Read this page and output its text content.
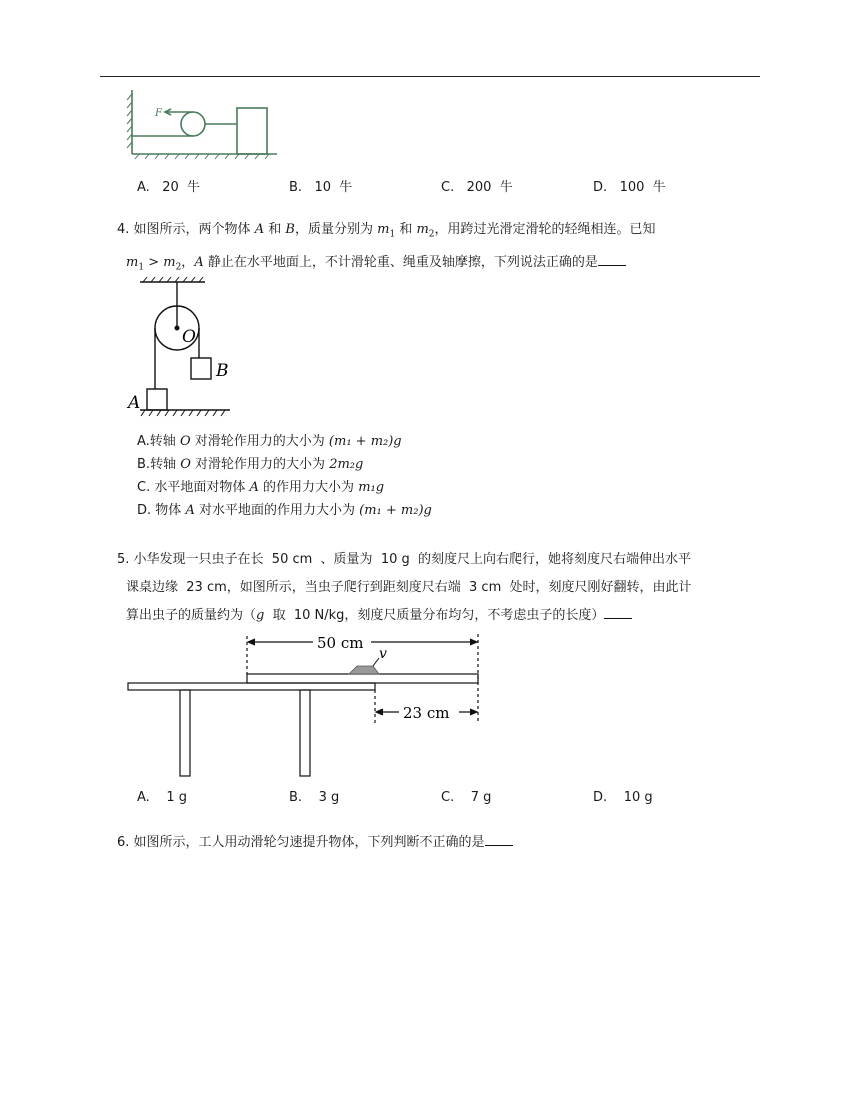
F
A. 20  牛	B. 10  牛	C. 200  牛	D. 100  牛
4. 如图所示，两个物体 A 和 B，质量分别为 $m_1$ 和 $m_2$，用跨过光滑定滑轮的轻绳相连。已知
$m_1 > m_2$，A 静止在水平地面上，不计滑轮重、绳重及轴摩擦，下列说法正确的是
O
B
A
A.转轴 O 对滑轮作用力的大小为 (m₁ + m₂)g
B.转轴 O 对滑轮作用力的大小为 2m₂g
C. 水平地面对物体 A 的作用力大小为 m₁g
D. 物体 A 对水平地面的作用力大小为 (m₁ + m₂)g
5. 小华发现一只虫子在长  50 cm  、质量为  10 g  的刻度尺上向右爬行，她将刻度尺右端伸出水平
课桌边缘  23 cm，如图所示，当虫子爬行到距刻度尺右端  3 cm  处时，刻度尺刚好翻转，由此计
算出虫子的质量约为（g  取  10 N/kg，刻度尺质量分布均匀，不考虑虫子的长度）
50 cm
23 cm
v
A. 1 g	B. 3 g	C. 7 g	D. 10 g
6. 如图所示，工人用动滑轮匀速提升物体，下列判断不正确的是
